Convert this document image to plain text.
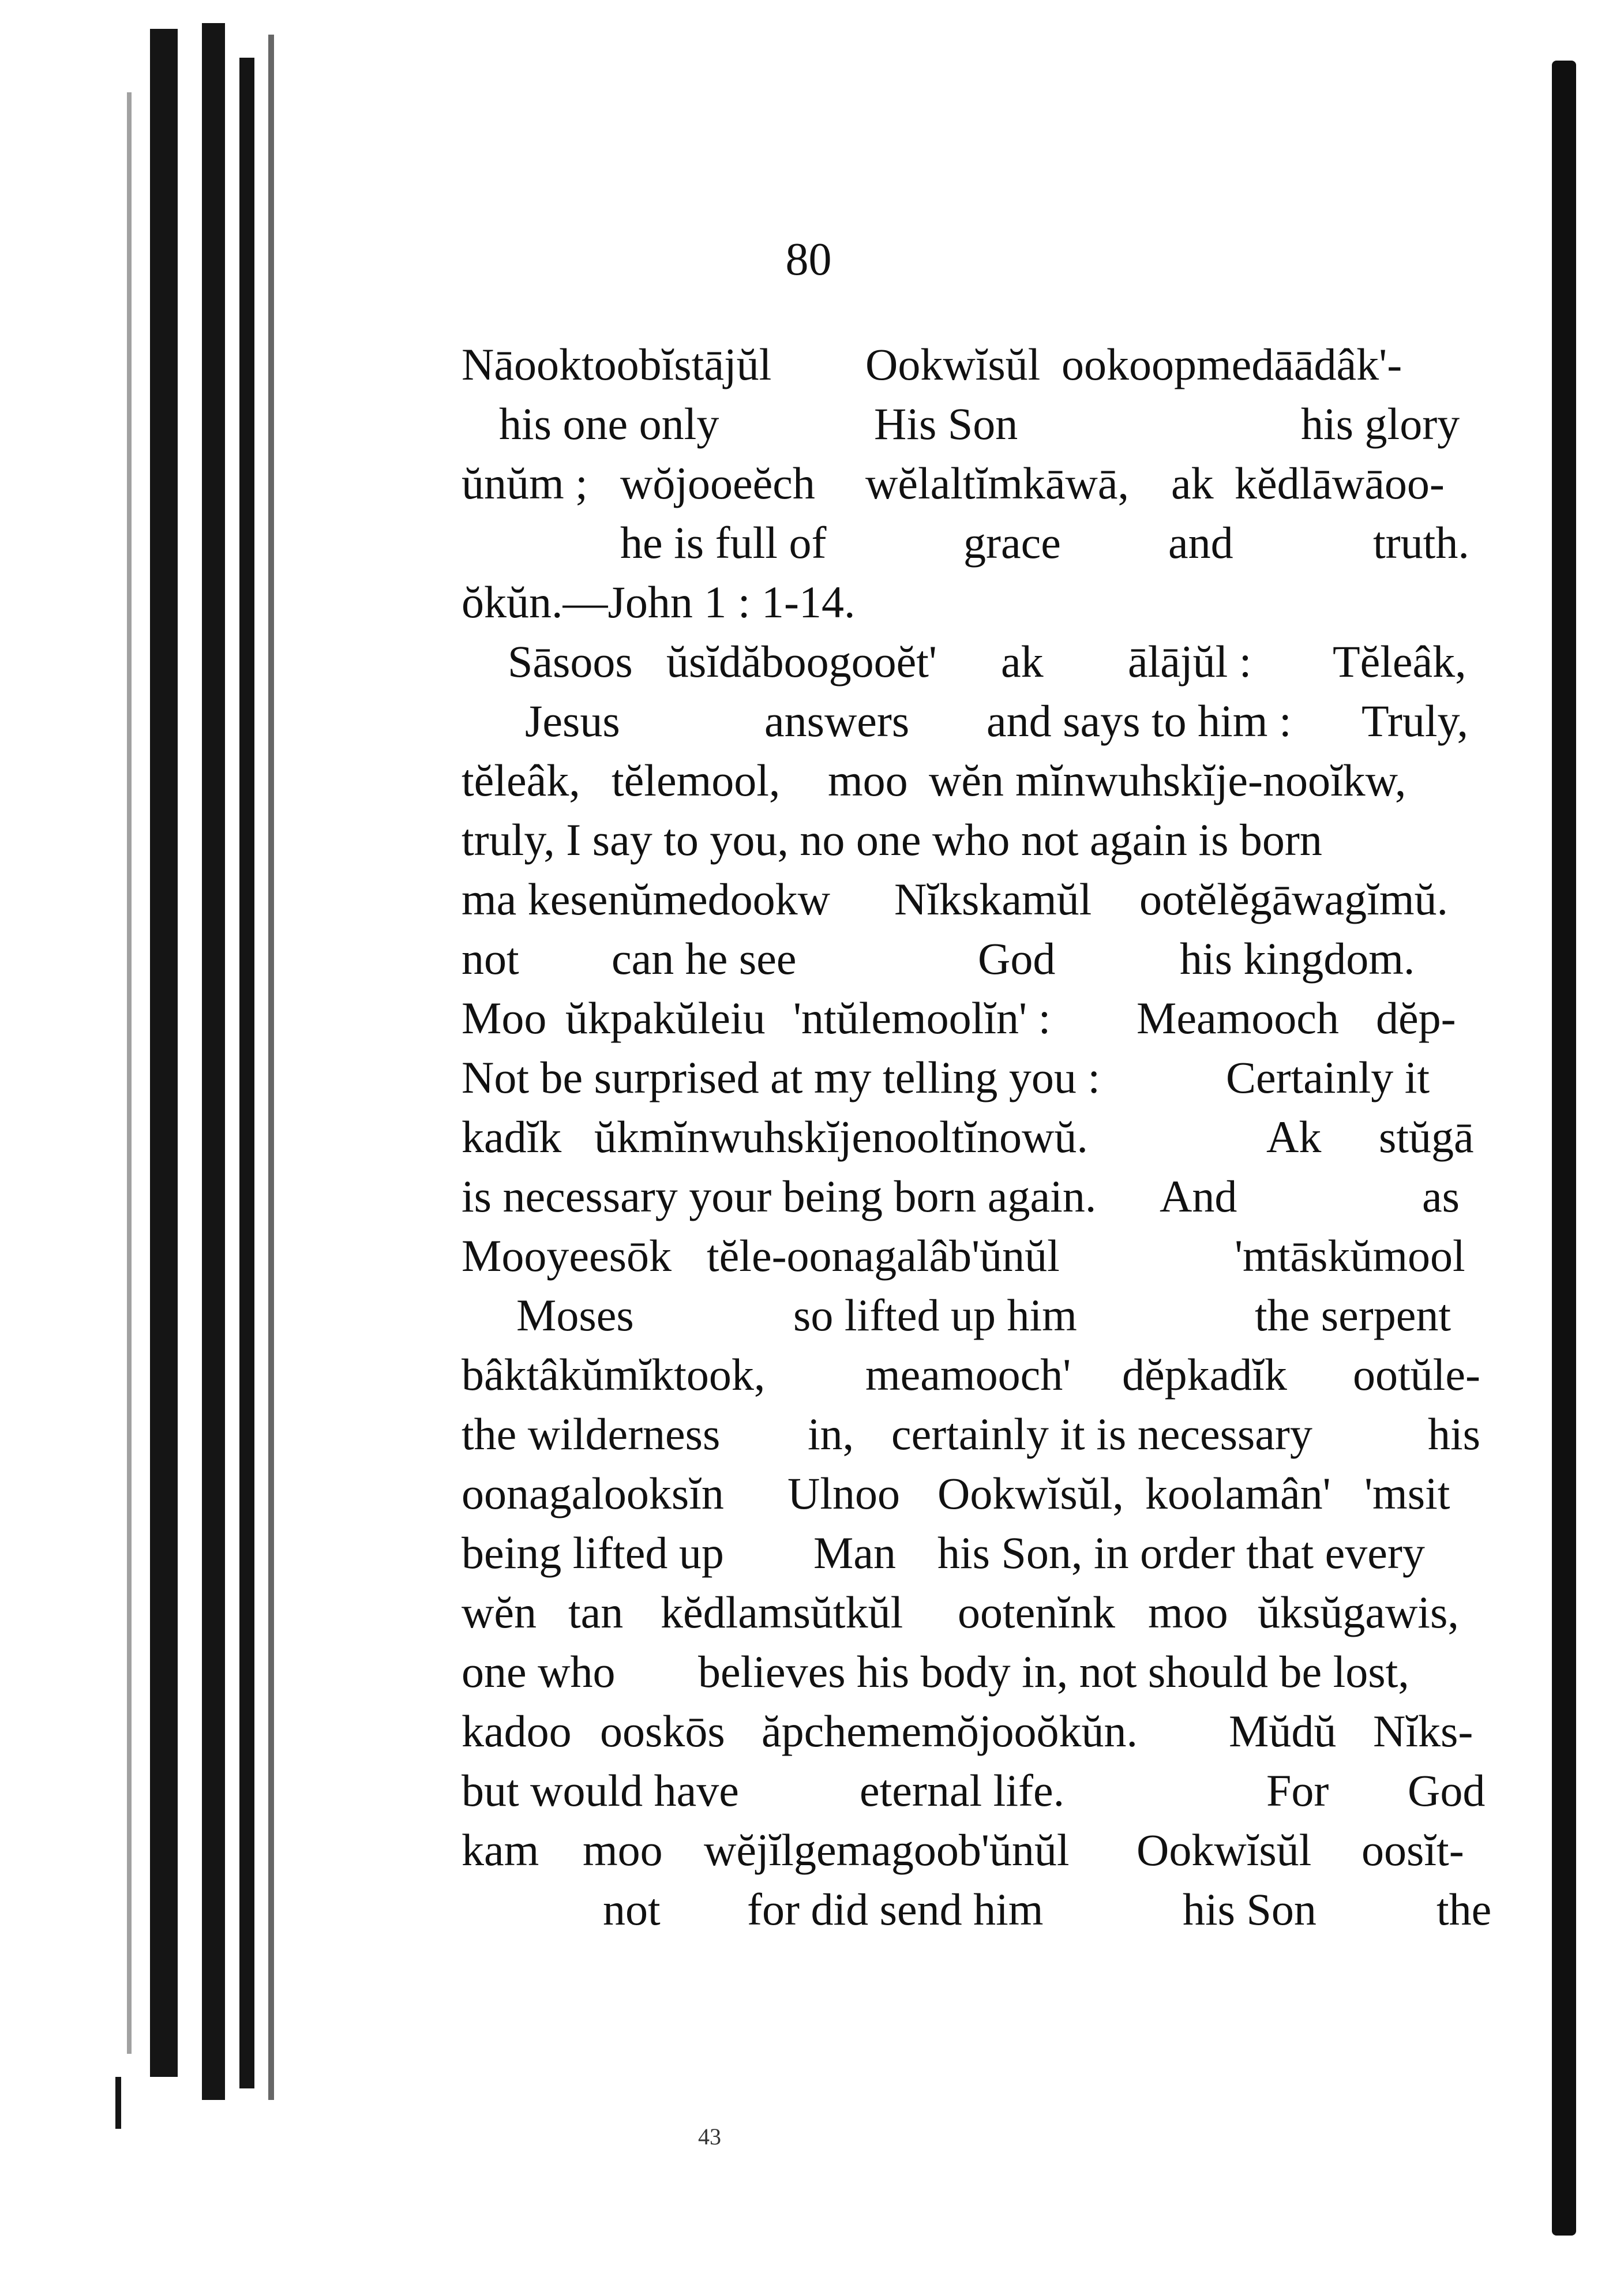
80
Nāooktoobĭstājŭl Ookwĭsŭl ookoopmedāādâk'-
his one only	His Son	his glory
ŭnŭm ; wŏjooeĕch wĕlaltĭmkāwā, ak kĕdlāwāoo-
he is full of	grace and	truth.
ŏkŭn.—John 1 : 1-14.
Sāsoos ŭsĭdăboogooĕt' ak ālājŭl : Tĕleâk,
Jesus	answers and says to him : Truly,
tĕleâk, tĕlemool, moo wĕn mĭnwuhskĭje-nooĭkw,
truly, I say to you, no one who not again is born
ma kesenŭmedookw Nĭkskamŭl ootĕlĕgāwagĭmŭ.
not can he see	God	his kingdom.
Moo ŭkpakŭleiu 'ntŭlemoolĭn' : Meamooch dĕp-
Not be surprised at my telling you :	Certainly it
kadĭk ŭkmĭnwuhskĭjenooltĭnowŭ.	Ak stŭgā
is necessary your being born again. And	as
Mooyeesōk tĕle-oonagalâb'ŭnŭl	'mtāskŭmool
Moses	so lifted up him	the serpent
bâktâkŭmĭktook, meamooch' dĕpkadĭk ootŭle-
the wilderness in, certainly it is necessary	his
oonagalooksĭn Ulnoo Ookwĭsŭl, koolamân' 'msit
being lifted up Man his Son, in order that every
wĕn tan kĕdlamsŭtkŭl ootenĭnk moo ŭksŭgawis,
one who believes his body in, not should be lost,
kadoo ooskōs ăpchememŏjooŏkŭn. Mŭdŭ Nĭks-
but would have	eternal life.	For God
kam moo wĕjĭlgemagoob'ŭnŭl Ookwĭsŭl oosĭt-
not for did send him	his Son	the
43
